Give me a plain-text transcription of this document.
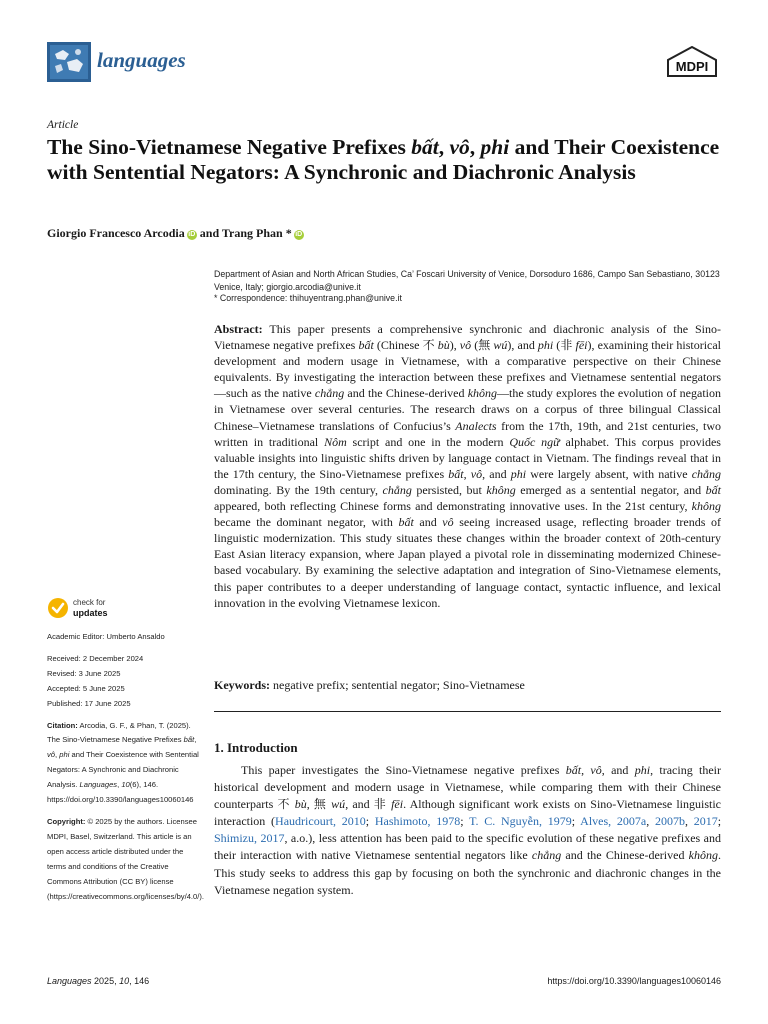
languages	MDPI
Article
The Sino-Vietnamese Negative Prefixes bất, vô, phi and Their Coexistence with Sentential Negators: A Synchronic and Diachronic Analysis
Giorgio Francesco Arcodia iD and Trang Phan * iD
Department of Asian and North African Studies, Ca’ Foscari University of Venice, Dorsoduro 1686, Campo San Sebastiano, 30123 Venice, Italy; giorgio.arcodia@unive.it
* Correspondence: thihuyentrang.phan@unive.it
Abstract: This paper presents a comprehensive synchronic and diachronic analysis of the Sino-Vietnamese negative prefixes bất (Chinese 不 bù), vô (無 wú), and phi (非 fēi), examining their historical development and modern usage in Vietnamese, with a comparative perspective on their Chinese equivalents. By investigating the interaction between these prefixes and Vietnamese sentential negators—such as the native chẳng and the Chinese-derived không—the study explores the evolution of negation in Vietnamese over several centuries. The research draws on a corpus of three bilingual Classical Chinese–Vietnamese translations of Confucius’s Analects from the 17th, 19th, and 21st centuries, two written in traditional Nôm script and one in the modern Quốc ngữ alphabet. This corpus provides valuable insights into linguistic shifts driven by language contact in Vietnam. The findings reveal that in the 17th century, the Sino-Vietnamese prefixes bất, vô, and phi were largely absent, with native chẳng dominating. By the 19th century, chẳng persisted, but không emerged as a sentential negator, and bất appeared, both reflecting Chinese forms and demonstrating innovative uses. In the 21st century, không became the dominant negator, with bất and vô seeing increased usage, reflecting broader trends of linguistic modernization. This study situates these changes within the broader context of 20th-century East Asian literacy expansion, where Japan played a pivotal role in disseminating modernized Chinese-based vocabulary. By examining the selective adaptation and integration of Sino-Vietnamese elements, this paper contributes to a deeper understanding of language contact, syntactic influence, and lexical innovation in the evolving Vietnamese lexicon.
Keywords: negative prefix; sentential negator; Sino-Vietnamese
check for
updates
Academic Editor: Umberto Ansaldo
Received: 2 December 2024
Revised: 3 June 2025
Accepted: 5 June 2025
Published: 17 June 2025
Citation: Arcodia, G. F., & Phan, T. (2025). The Sino-Vietnamese Negative Prefixes bất, vô, phi and Their Coexistence with Sentential Negators: A Synchronic and Diachronic Analysis. Languages, 10(6), 146. https://doi.org/10.3390/languages10060146
Copyright: © 2025 by the authors. Licensee MDPI, Basel, Switzerland. This article is an open access article distributed under the terms and conditions of the Creative Commons Attribution (CC BY) license (https://creativecommons.org/licenses/by/4.0/).
1. Introduction
This paper investigates the Sino-Vietnamese negative prefixes bất, vô, and phi, tracing their historical development and modern usage in Vietnamese, while comparing them with their Chinese counterparts 不 bù, 無 wú, and 非 fēi. Although significant work exists on Sino-Vietnamese linguistic interaction (Haudricourt, 2010; Hashimoto, 1978; T. C. Nguyễn, 1979; Alves, 2007a, 2007b, 2017; Shimizu, 2017, a.o.), less attention has been paid to the specific evolution of these negative prefixes and their interaction with native Vietnamese sentential negators like chẳng and the Chinese-derived không. This study seeks to address this gap by focusing on both the synchronic and diachronic changes in the Vietnamese negation system.
Languages 2025, 10, 146	https://doi.org/10.3390/languages10060146
